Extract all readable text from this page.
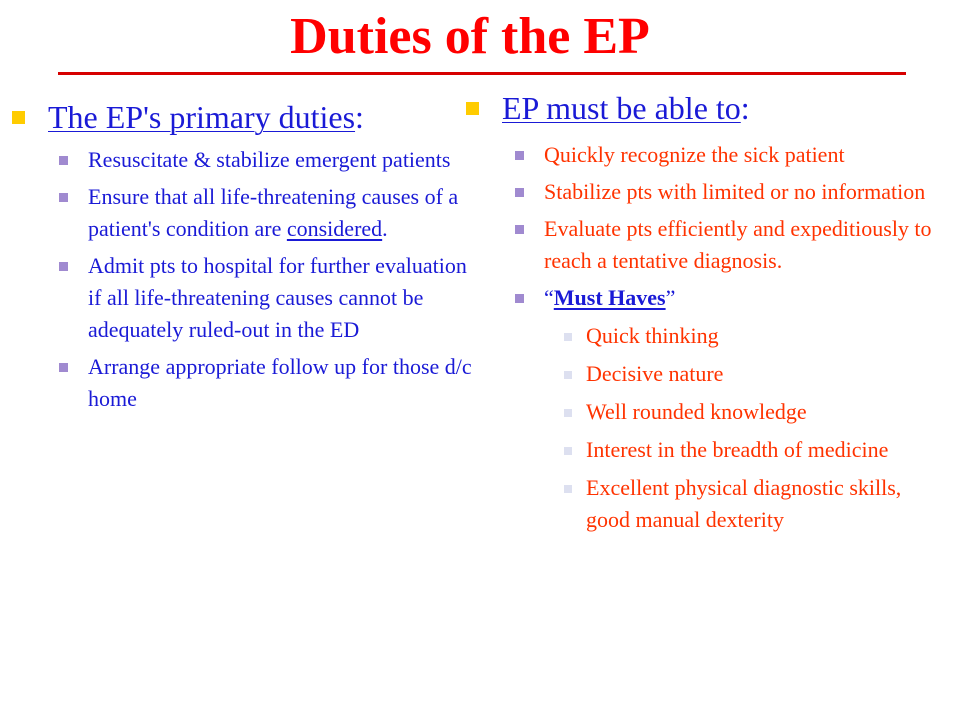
Duties of the EP
The EP's primary duties:
Resuscitate & stabilize emergent patients
Ensure that all life-threatening causes of a patient's condition are considered.
Admit pts to hospital for further evaluation if all life-threatening causes cannot be adequately ruled-out in the ED
Arrange appropriate follow up for those d/c home
EP must be able to:
Quickly recognize the sick patient
Stabilize pts with limited or no information
Evaluate pts efficiently and expeditiously to reach a tentative diagnosis.
“Must Haves”
Quick thinking
Decisive nature
Well rounded knowledge
Interest in the breadth of medicine
Excellent physical diagnostic skills, good manual dexterity
